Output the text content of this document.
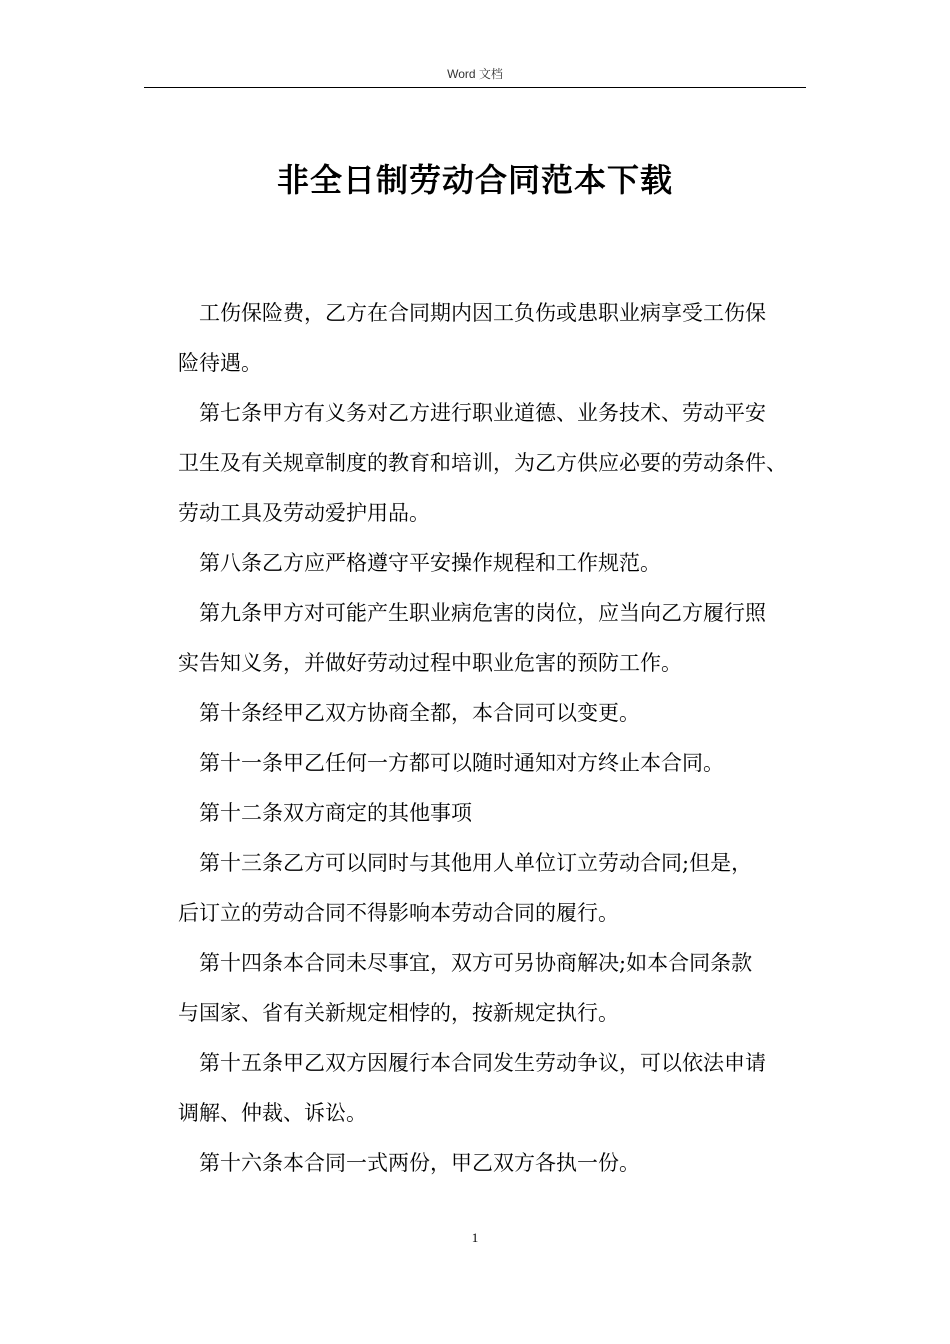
Word 文档
非全日制劳动合同范本下载

工伤保险费，乙方在合同期内因工负伤或患职业病享受工伤保
险待遇。

第七条甲方有义务对乙方进行职业道德、业务技术、劳动平安
卫生及有关规章制度的教育和培训，为乙方供应必要的劳动条件、
劳动工具及劳动爱护用品。

第八条乙方应严格遵守平安操作规程和工作规范。

第九条甲方对可能产生职业病危害的岗位，应当向乙方履行照
实告知义务，并做好劳动过程中职业危害的预防工作。

第十条经甲乙双方协商全都，本合同可以变更。

第十一条甲乙任何一方都可以随时通知对方终止本合同。

第十二条双方商定的其他事项

第十三条乙方可以同时与其他用人单位订立劳动合同;但是，
后订立的劳动合同不得影响本劳动合同的履行。

第十四条本合同未尽事宜，双方可另协商解决;如本合同条款
与国家、省有关新规定相悖的，按新规定执行。

第十五条甲乙双方因履行本合同发生劳动争议，可以依法申请
调解、仲裁、诉讼。

第十六条本合同一式两份，甲乙双方各执一份。

1
